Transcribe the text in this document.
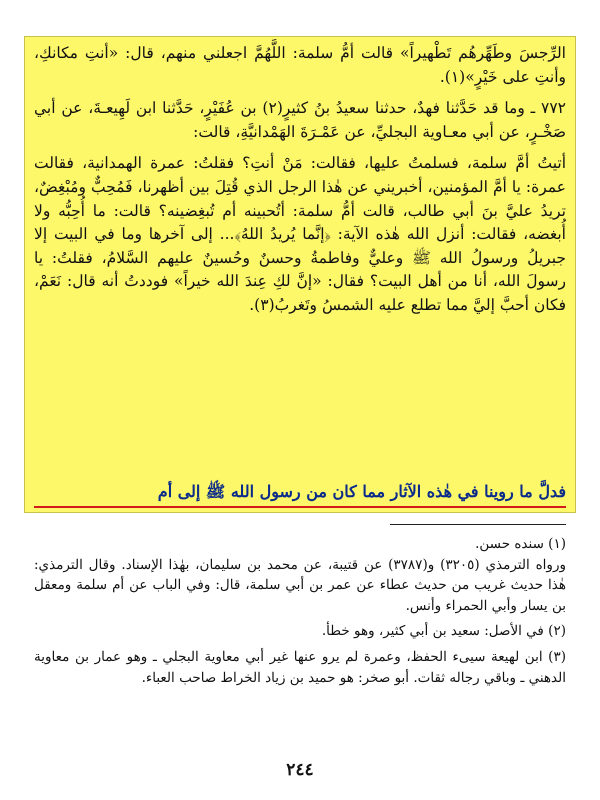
الرِّجسَ وطَهِّرهُم تَطْهيراً» قالت أمُّ سلمة: اللَّهُمَّ اجعلني منهم، قال: «أنتِ مكانكِ، وأنتِ على خَيْرٍ»(١).

٧٧٢ ـ وما قد حَدَّثنا فهدٌ، حدثنا سعيدُ بنُ كثيرٍ(٢) بن عُفَيْرٍ، حَدَّثنا ابن لَهِيعـةَ، عن أبي صَخْـرٍ، عن أبي معـاوية البجليِّ، عن عَمْـرَةَ الهَمْدانيَّةِ، قالت:

أتيتُ أمَّ سلمة، فسلمتُ عليها، فقالت: مَنْ أنتِ؟ فقلتُ: عمرة الهمدانية، فقالت عمرة: يا أمَّ المؤمنين، أخبريني عن هٰذا الرجل الذي قُتِلَ بين أظهرنا، فَمُحِبٌّ ومُبْغِضٌ، تريدُ عليَّ بنَ أبي طالب، قالت أمُّ سلمة: أتُحبينه أم تُبغِضينه؟ قالت: ما أُحِبُّه ولا أُبغضه، فقالت: أنزل الله هٰذه الآية: ﴿إنَّما يُريدُ اللهُ﴾... إلى آخرها وما في البيت إلا جبريلُ ورسولُ الله ﷺ وعليٌّ وفاطمةُ وحسنٌ وحُسينٌ عليهم السَّلامُ، فقلتُ: يا رسولَ الله، أنا من أهل البيت؟ فقال: «إنَّ لكِ عِندَ الله خيراً» فوددتُ أنه قال: نَعَمْ، فكان أحبَّ إليَّ مما تطلع عليه الشمسُ وتَغربُ(٣).

فدلَّ ما روينا في هٰذه الآثار مما كان من رسول الله ﷺ إلى أم

(١) سنده حسن.

ورواه الترمذي (٣٢٠٥) و(٣٧٨٧) عن قتيبة، عن محمد بن سليمان، بهٰذا الإسناد. وقال الترمذي: هٰذا حديث غريب من حديث عطاء عن عمر بن أبي سلمة، قال: وفي الباب عن أم سلمة ومعقل بن يسار وأبي الحمراء وأنس.

(٢) في الأصل: سعيد بن أبي كثير، وهو خطأ.

(٣) ابن لهيعة سيىء الحفظ، وعمرة لم يرو عنها غير أبي معاوية البجلي ـ وهو عمار بن معاوية الدهني ـ وباقي رجاله ثقات. أبو صخر: هو حميد بن زياد الخراط صاحب العباء.

٢٤٤
